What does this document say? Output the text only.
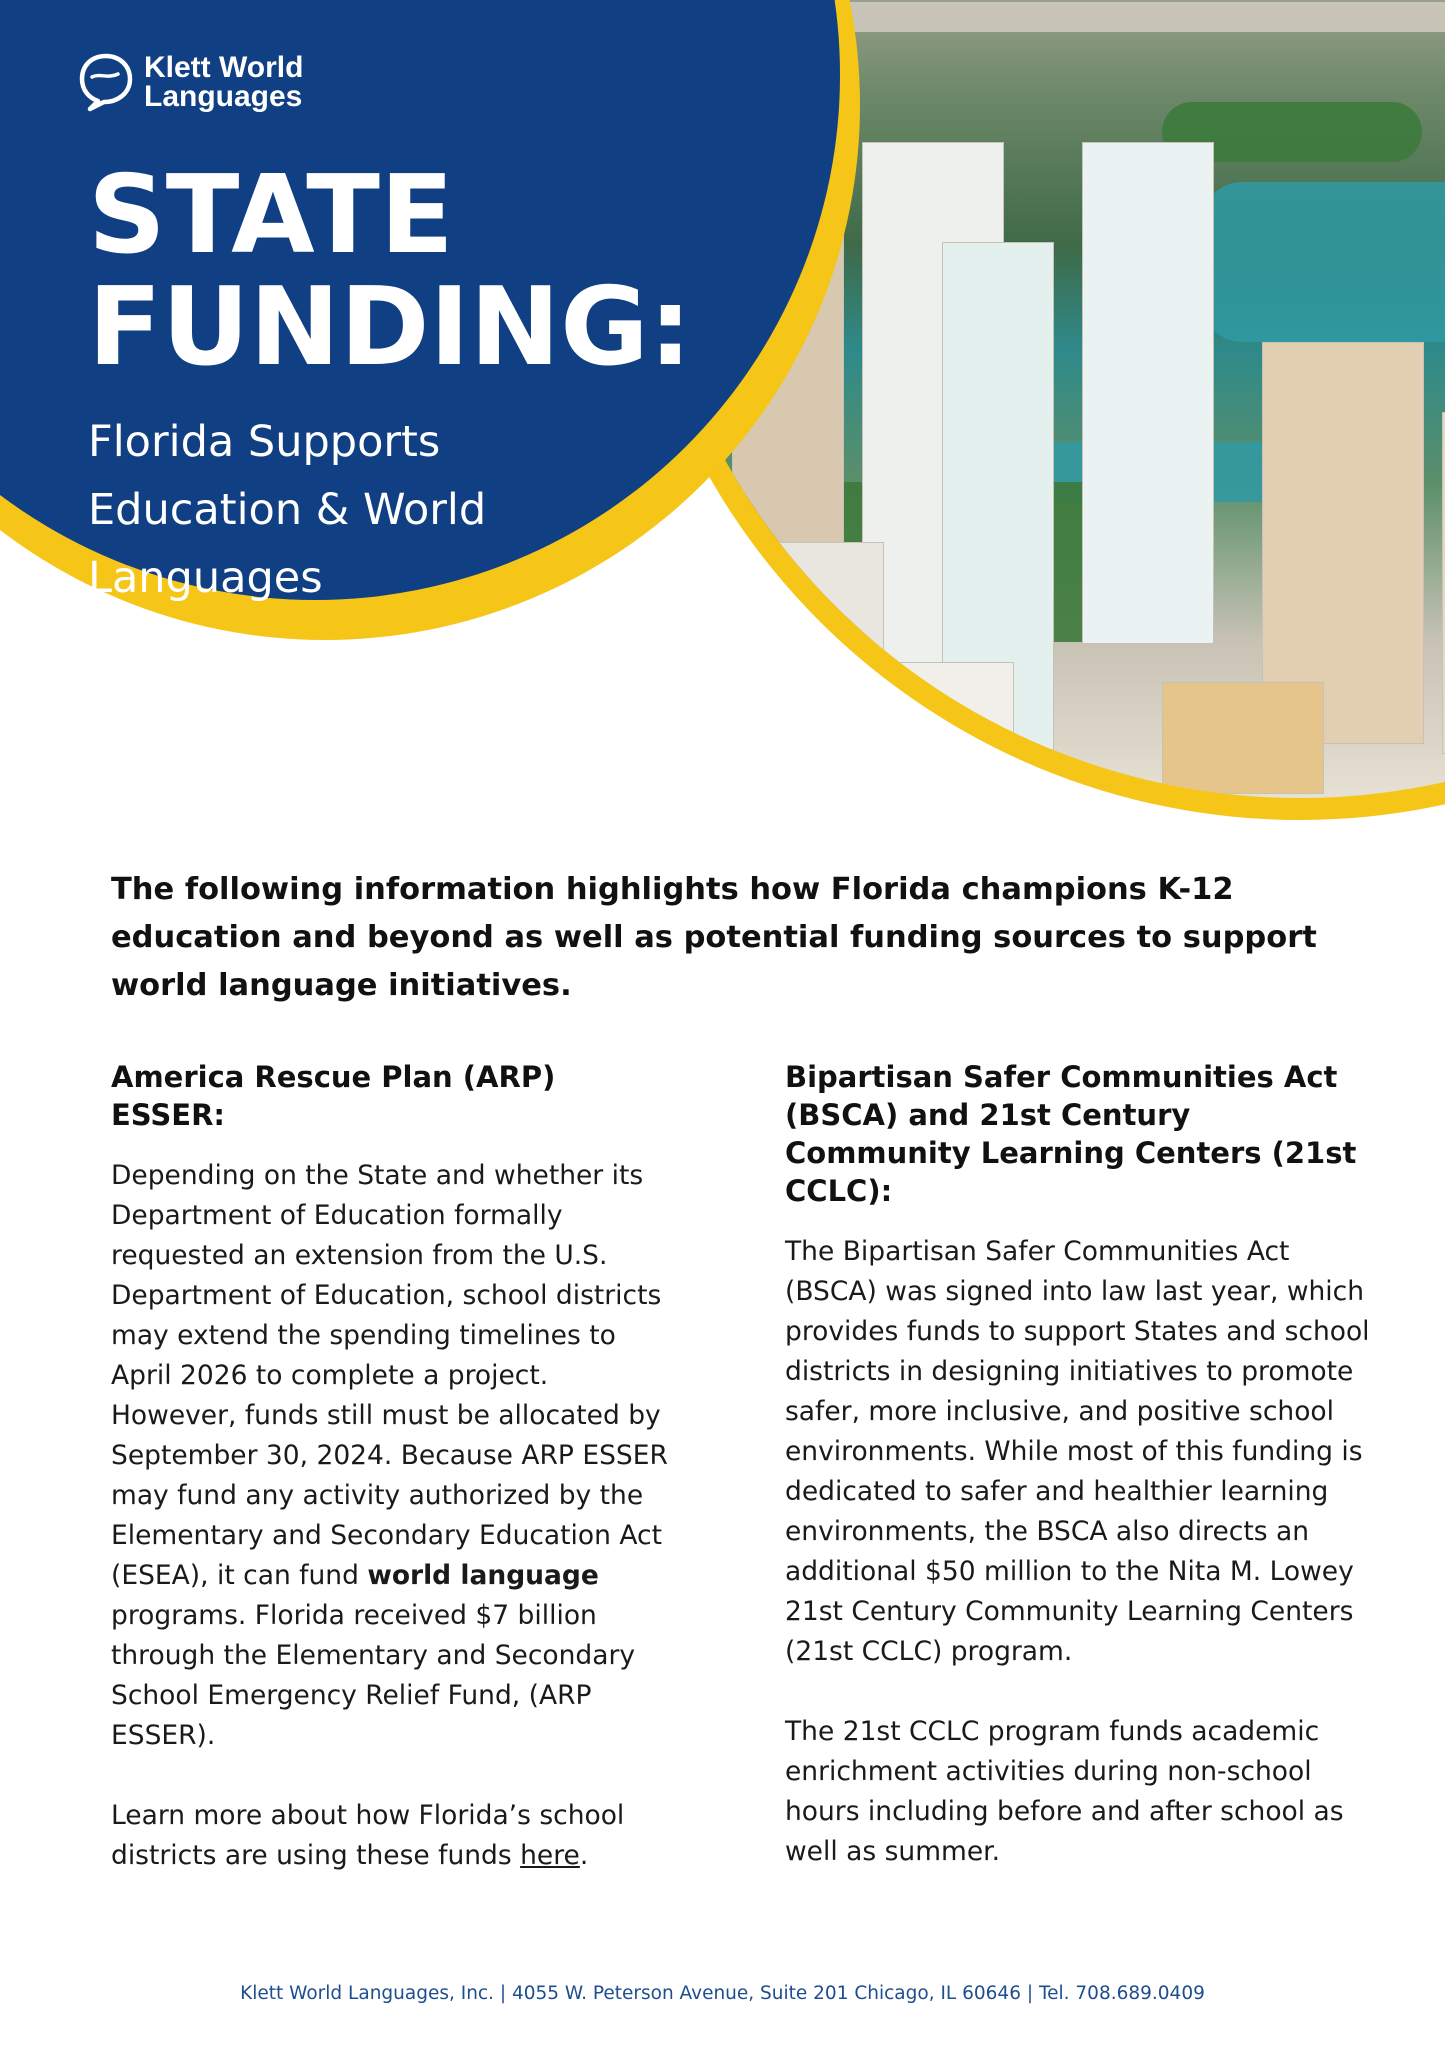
Klett World
Languages
STATE
FUNDING:
Florida Supports
Education & World
Languages

The following information highlights how Florida champions K-12 education and beyond as well as potential funding sources to support world language initiatives.

America Rescue Plan (ARP) ESSER:

Depending on the State and whether its Department of Education formally requested an extension from the U.S. Department of Education, school districts may extend the spending timelines to April 2026 to complete a project. However, funds still must be allocated by September 30, 2024. Because ARP ESSER may fund any activity authorized by the Elementary and Secondary Education Act (ESEA), it can fund world language programs. Florida received $7 billion through the Elementary and Secondary School Emergency Relief Fund, (ARP ESSER).

Learn more about how Florida’s school districts are using these funds here.

Bipartisan Safer Communities Act (BSCA) and 21st Century Community Learning Centers (21st CCLC):

The Bipartisan Safer Communities Act (BSCA) was signed into law last year, which provides funds to support States and school districts in designing initiatives to promote safer, more inclusive, and positive school environments. While most of this funding is dedicated to safer and healthier learning environments, the BSCA also directs an additional $50 million to the Nita M. Lowey 21st Century Community Learning Centers (21st CCLC) program.

The 21st CCLC program funds academic enrichment activities during non-school hours including before and after school as well as summer.

Klett World Languages, Inc. | 4055 W. Peterson Avenue, Suite 201 Chicago, IL 60646 | Tel. 708.689.0409
